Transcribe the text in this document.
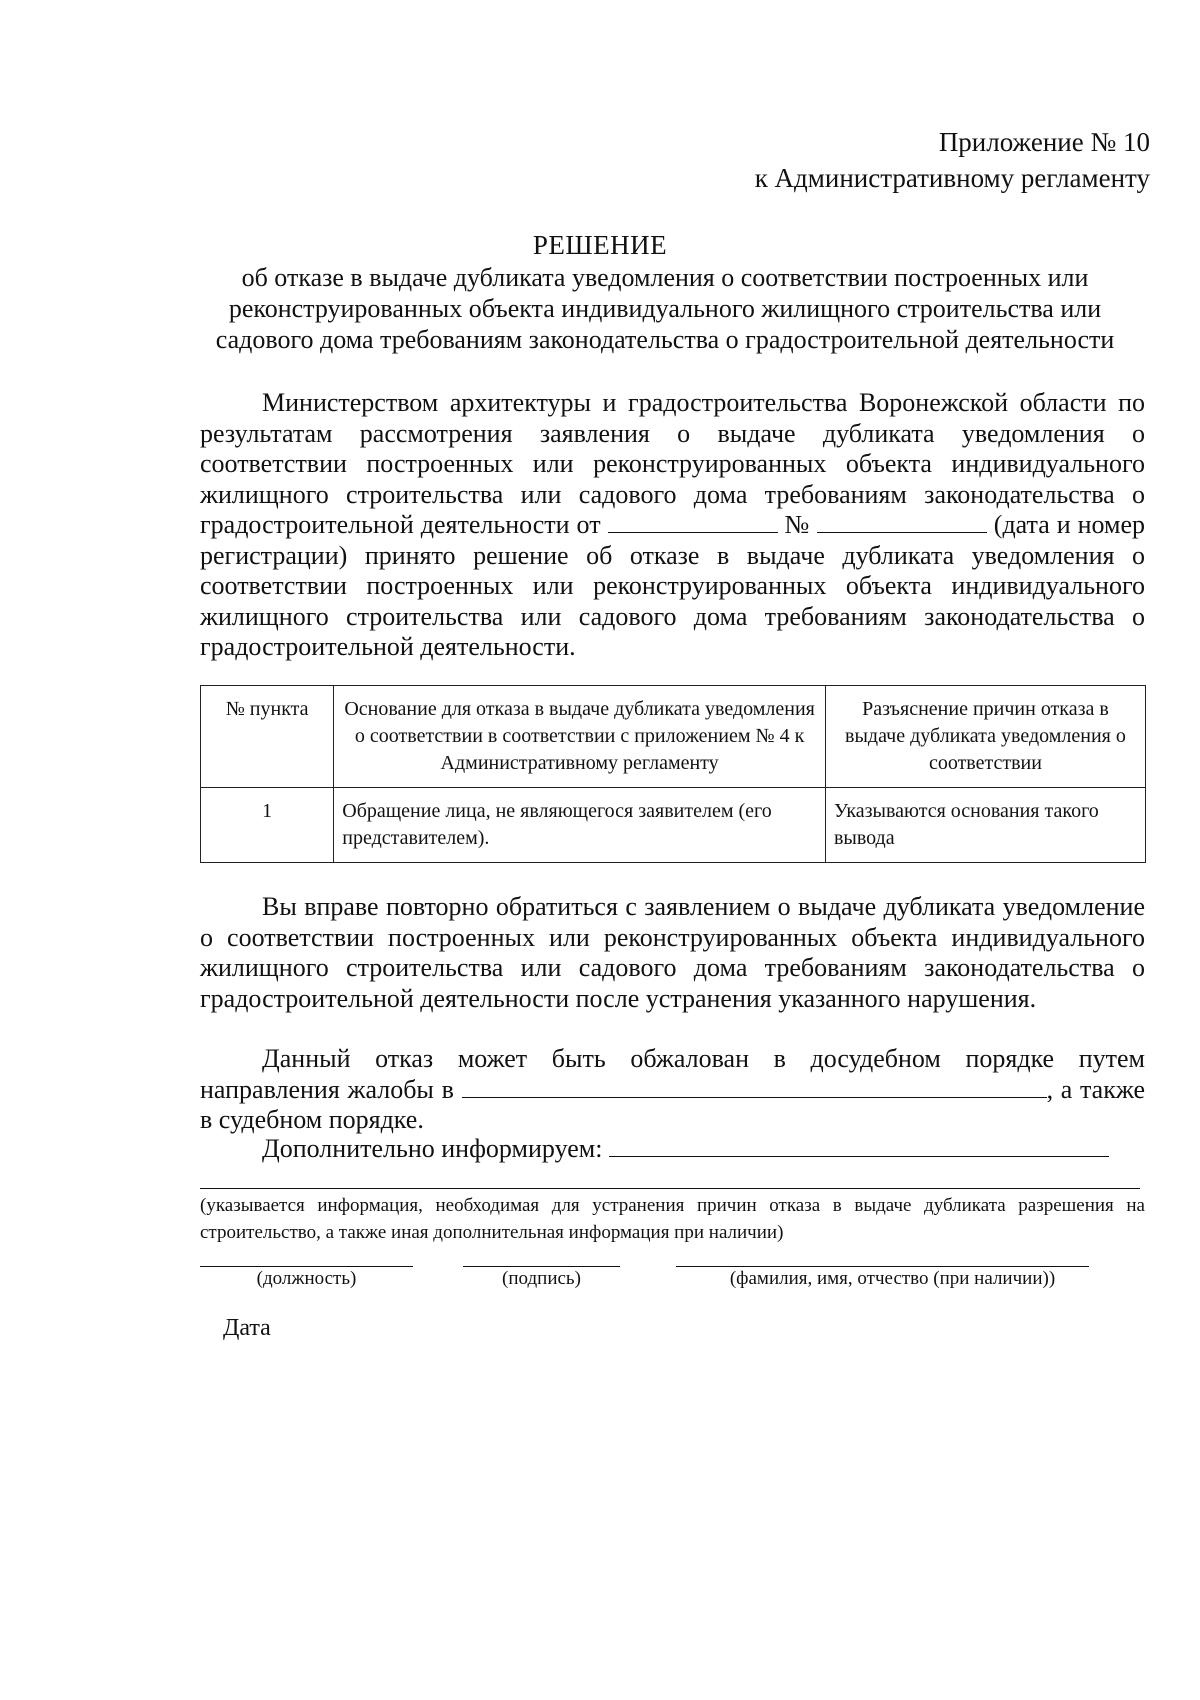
Приложение № 10
к Административному регламенту
РЕШЕНИЕ
об отказе в выдаче дубликата уведомления о соответствии построенных или реконструированных объекта индивидуального жилищного строительства или садового дома требованиям законодательства о градостроительной деятельности
Министерством архитектуры и градостроительства Воронежской области по результатам рассмотрения заявления о выдаче дубликата уведомления о соответствии построенных или реконструированных объекта индивидуального жилищного строительства или садового дома требованиям законодательства о градостроительной деятельности от	№	(дата и номер регистрации) принято решение об отказе в выдаче дубликата уведомления о соответствии построенных или реконструированных объекта индивидуального жилищного строительства или садового дома требованиям законодательства о градостроительной деятельности.
№ пункта	Основание для отказа в выдаче дубликата уведомления о соответствии в соответствии с приложением № 4 к Административному регламенту	Разъяснение причин отказа в выдаче дубликата уведомления о соответствии
1	Обращение лица, не являющегося заявителем (его представителем).	Указываются основания такого вывода
Вы вправе повторно обратиться с заявлением о выдаче дубликата уведомление о соответствии построенных или реконструированных объекта индивидуального жилищного строительства или садового дома требованиям законодательства о градостроительной деятельности после устранения указанного нарушения.
Данный отказ может быть обжалован в досудебном порядке путем направления жалобы в	, а также в судебном порядке.
Дополнительно информируем:
(указывается информация, необходимая для устранения причин отказа в выдаче дубликата разрешения на строительство, а также иная дополнительная информация при наличии)
(должность)	(подпись)	(фамилия, имя, отчество (при наличии))
Дата
